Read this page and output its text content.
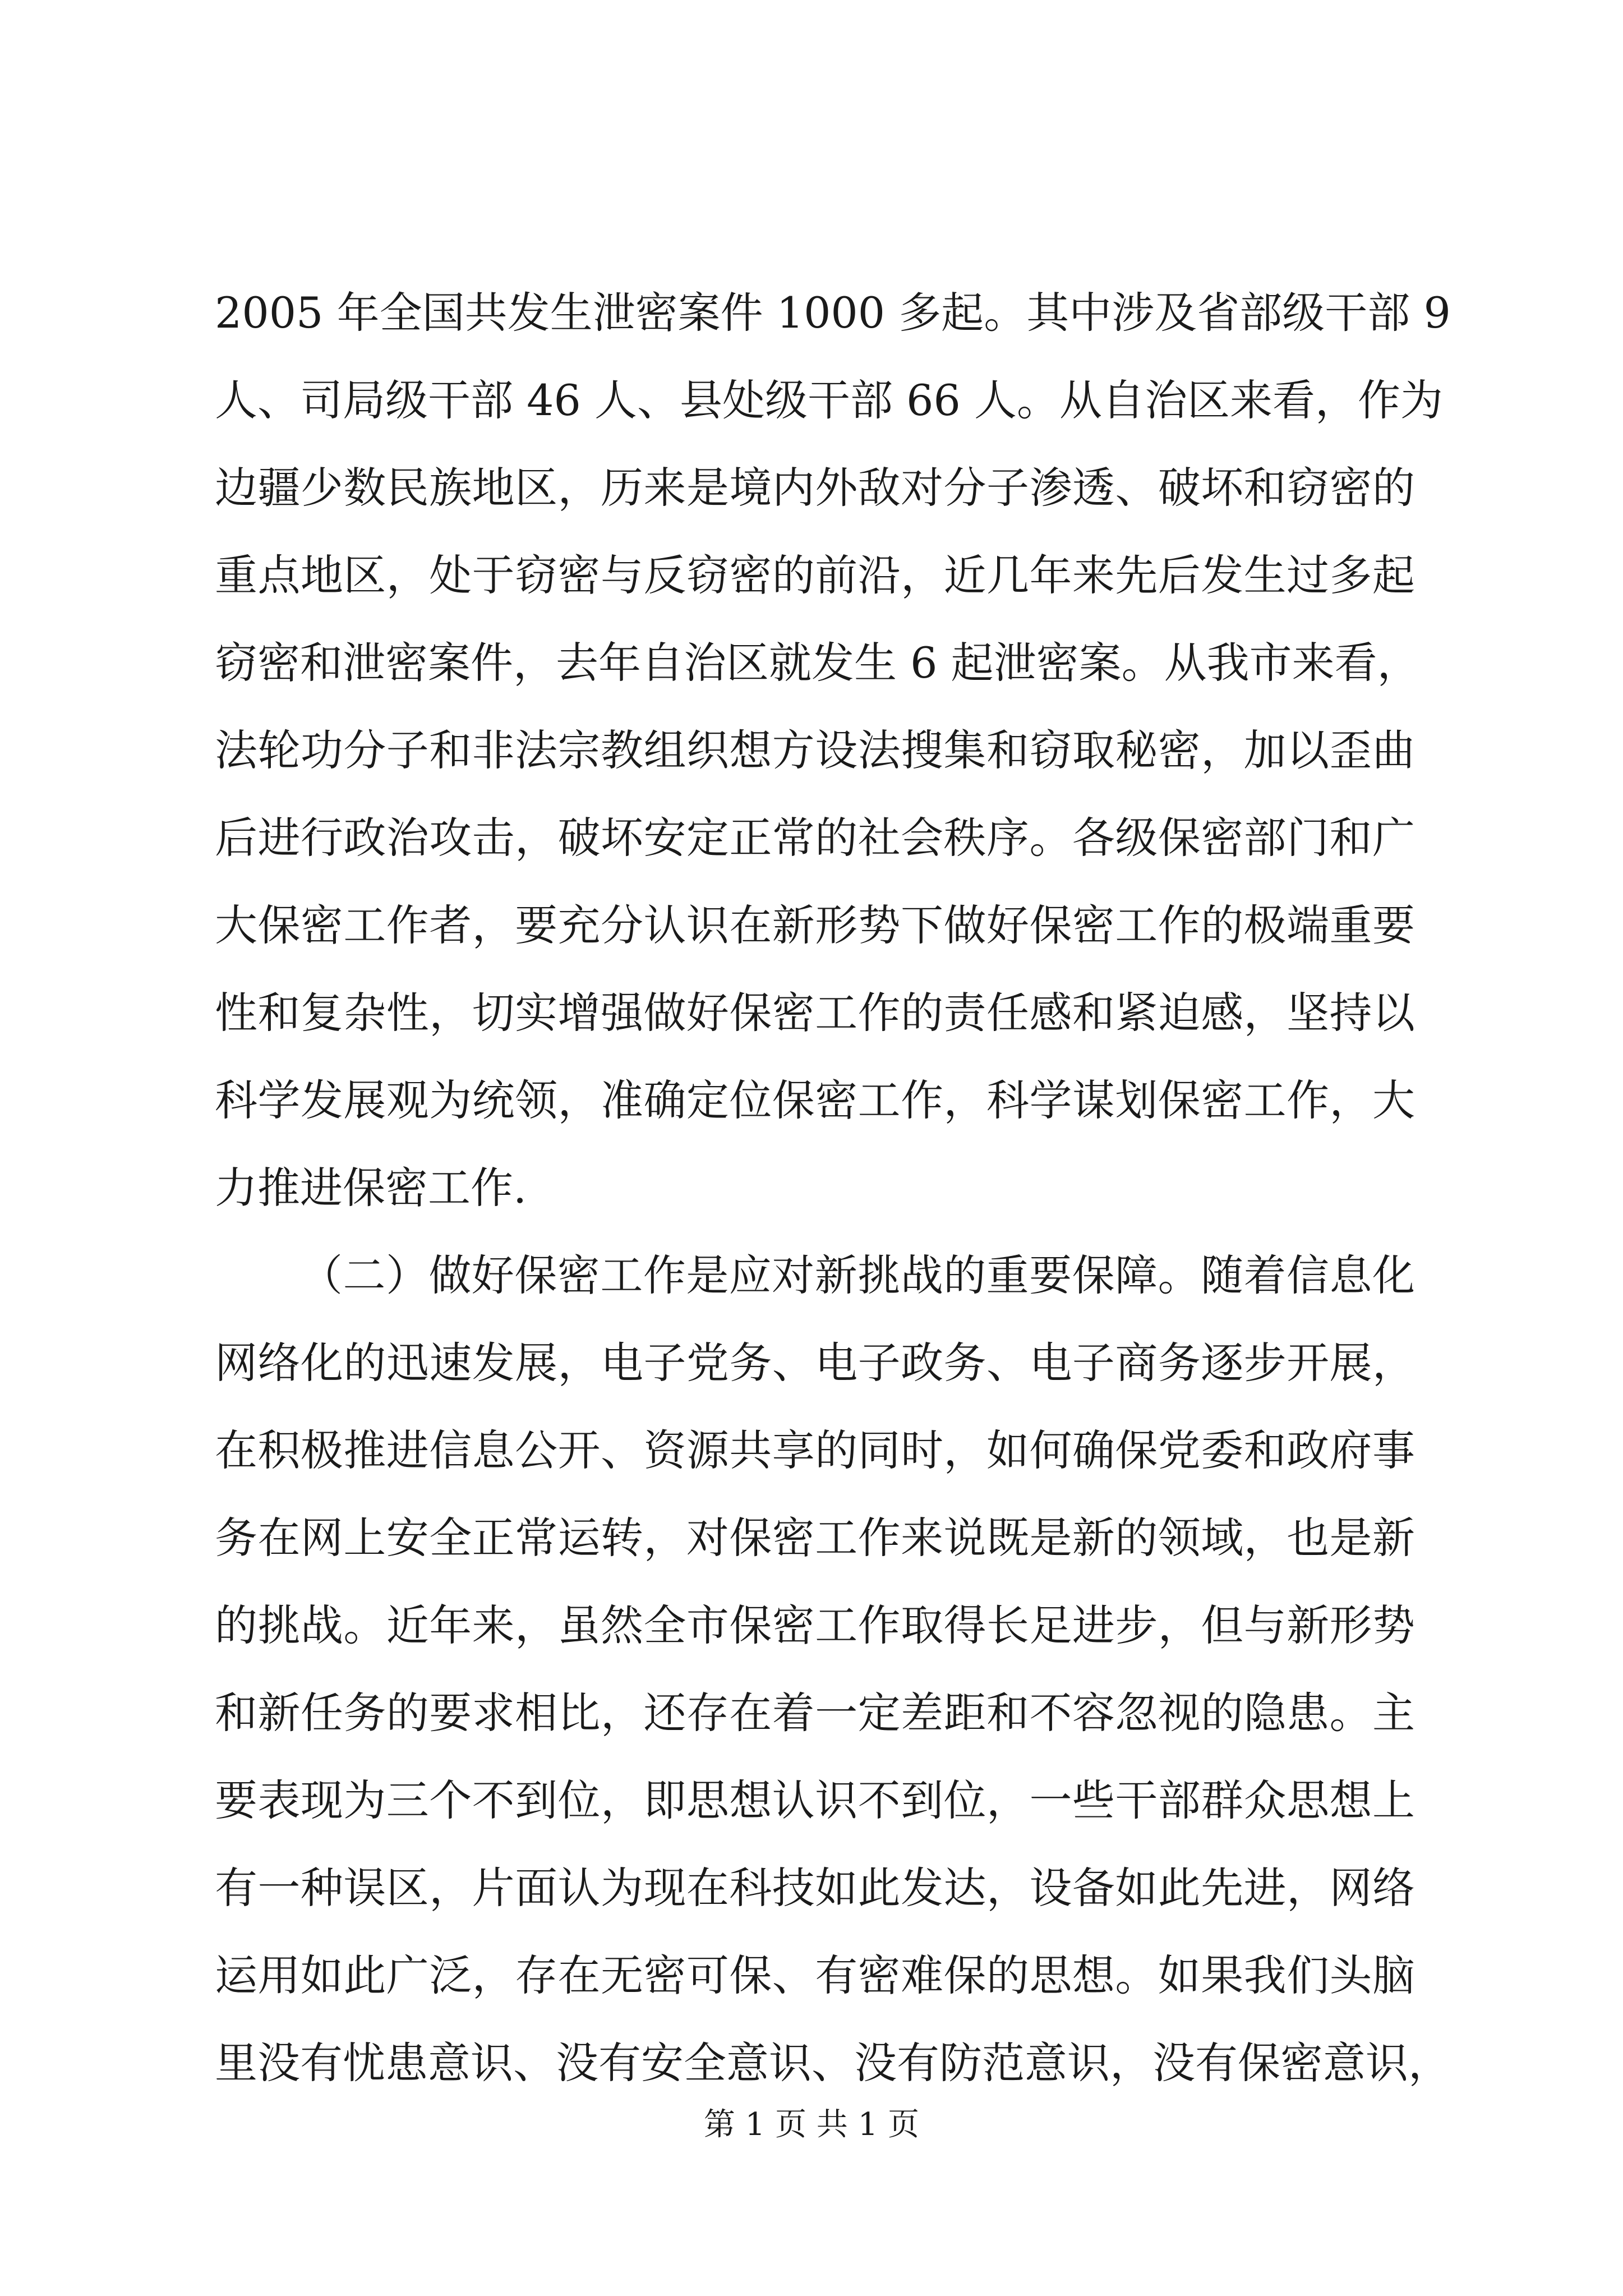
2005 年全国共发生泄密案件 1000 多起。其中涉及省部级干部 9
人、司局级干部 46 人、县处级干部 66 人。从自治区来看，作为
边疆少数民族地区，历来是境内外敌对分子渗透、破坏和窃密的
重点地区，处于窃密与反窃密的前沿，近几年来先后发生过多起
窃密和泄密案件，去年自治区就发生 6 起泄密案。从我市来看，
法轮功分子和非法宗教组织想方设法搜集和窃取秘密，加以歪曲
后进行政治攻击，破坏安定正常的社会秩序。各级保密部门和广
大保密工作者，要充分认识在新形势下做好保密工作的极端重要
性和复杂性，切实增强做好保密工作的责任感和紧迫感，坚持以
科学发展观为统领，准确定位保密工作，科学谋划保密工作，大
力推进保密工作.
（二）做好保密工作是应对新挑战的重要保障。随着信息化
网络化的迅速发展，电子党务、电子政务、电子商务逐步开展，
在积极推进信息公开、资源共享的同时，如何确保党委和政府事
务在网上安全正常运转，对保密工作来说既是新的领域，也是新
的挑战。近年来，虽然全市保密工作取得长足进步，但与新形势
和新任务的要求相比，还存在着一定差距和不容忽视的隐患。主
要表现为三个不到位，即思想认识不到位，一些干部群众思想上
有一种误区，片面认为现在科技如此发达，设备如此先进，网络
运用如此广泛，存在无密可保、有密难保的思想。如果我们头脑
里没有忧患意识、没有安全意识、没有防范意识，没有保密意识，
第 1 页 共 1 页
